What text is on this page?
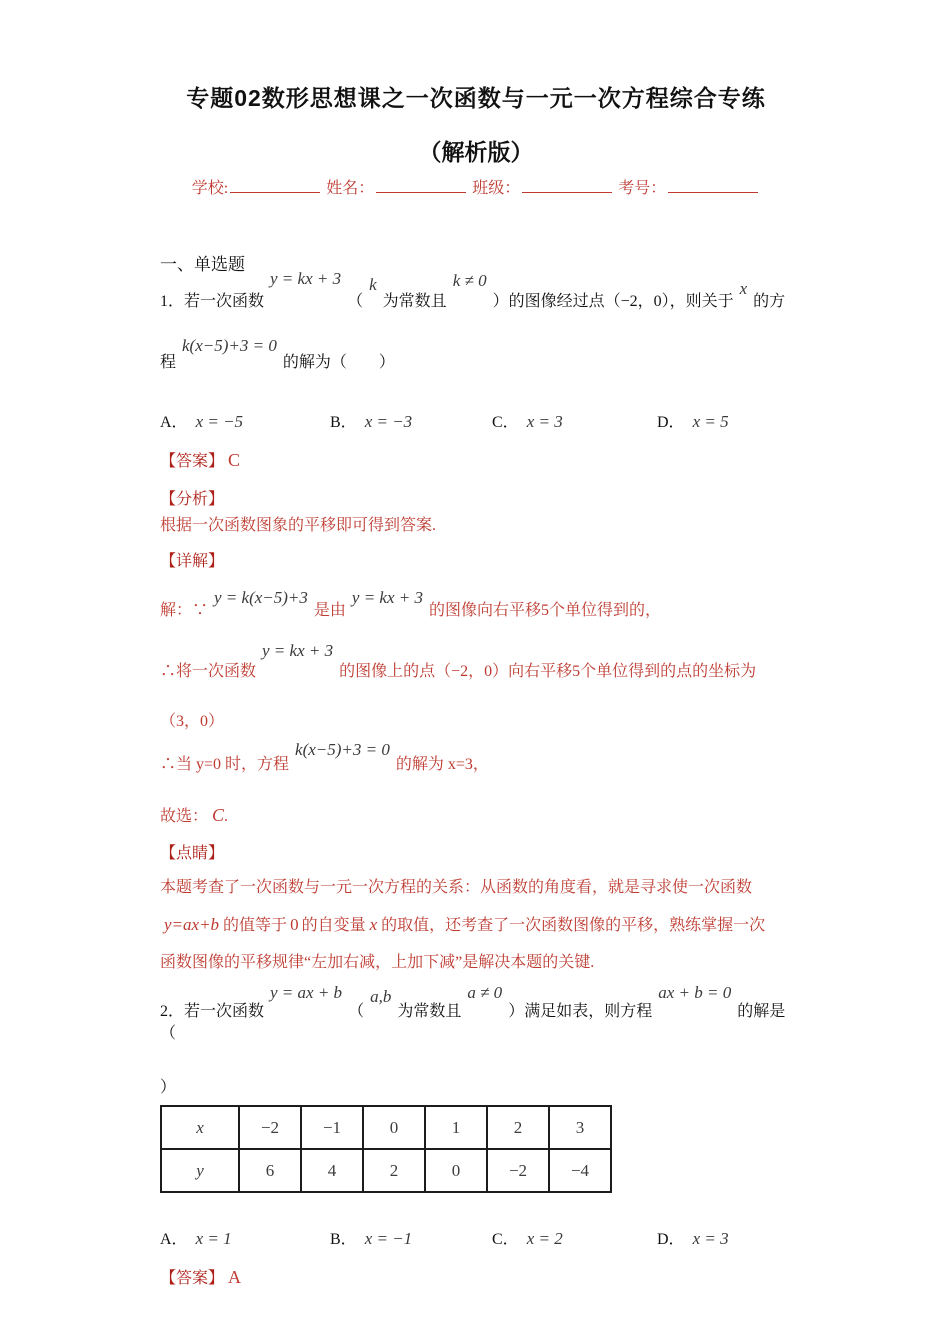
专题02数形思想课之一次函数与一元一次方程综合专练
（解析版）
学校:	姓名：	班级：	考号：
一、单选题
1．若一次函数y = kx + 3（k为常数且k ≠ 0）的图像经过点（−2，0），则关于x的方
程k(x−5)+3 = 0的解为（　　）
A． x = −5	B． x = −3	C． x = 3	D． x = 5
【答案】 C
【分析】
根据一次函数图象的平移即可得到答案.
【详解】
解：∵y = k(x−5)+3是由y = kx + 3的图像向右平移5个单位得到的，
∴将一次函数y = kx + 3的图像上的点（−2，0）向右平移5个单位得到的点的坐标为
（3，0）
∴当 y=0 时，方程k(x−5)+3 = 0的解为 x=3，
故选： C.
【点睛】
本题考查了一次函数与一元一次方程的关系：从函数的角度看，就是寻求使一次函数
y=ax+b 的值等于 0 的自变量 x 的取值，还考查了一次函数图像的平移，熟练掌握一次
函数图像的平移规律“左加右减，上加下减”是解决本题的关键.
2．若一次函数y = ax + b（a,b为常数且a ≠ 0）满足如表，则方程ax + b = 0的解是（
）
x	−2	−1	0	1	2	3
y	6	4	2	0	−2	−4
A． x = 1	B． x = −1	C． x = 2	D． x = 3
【答案】 A
